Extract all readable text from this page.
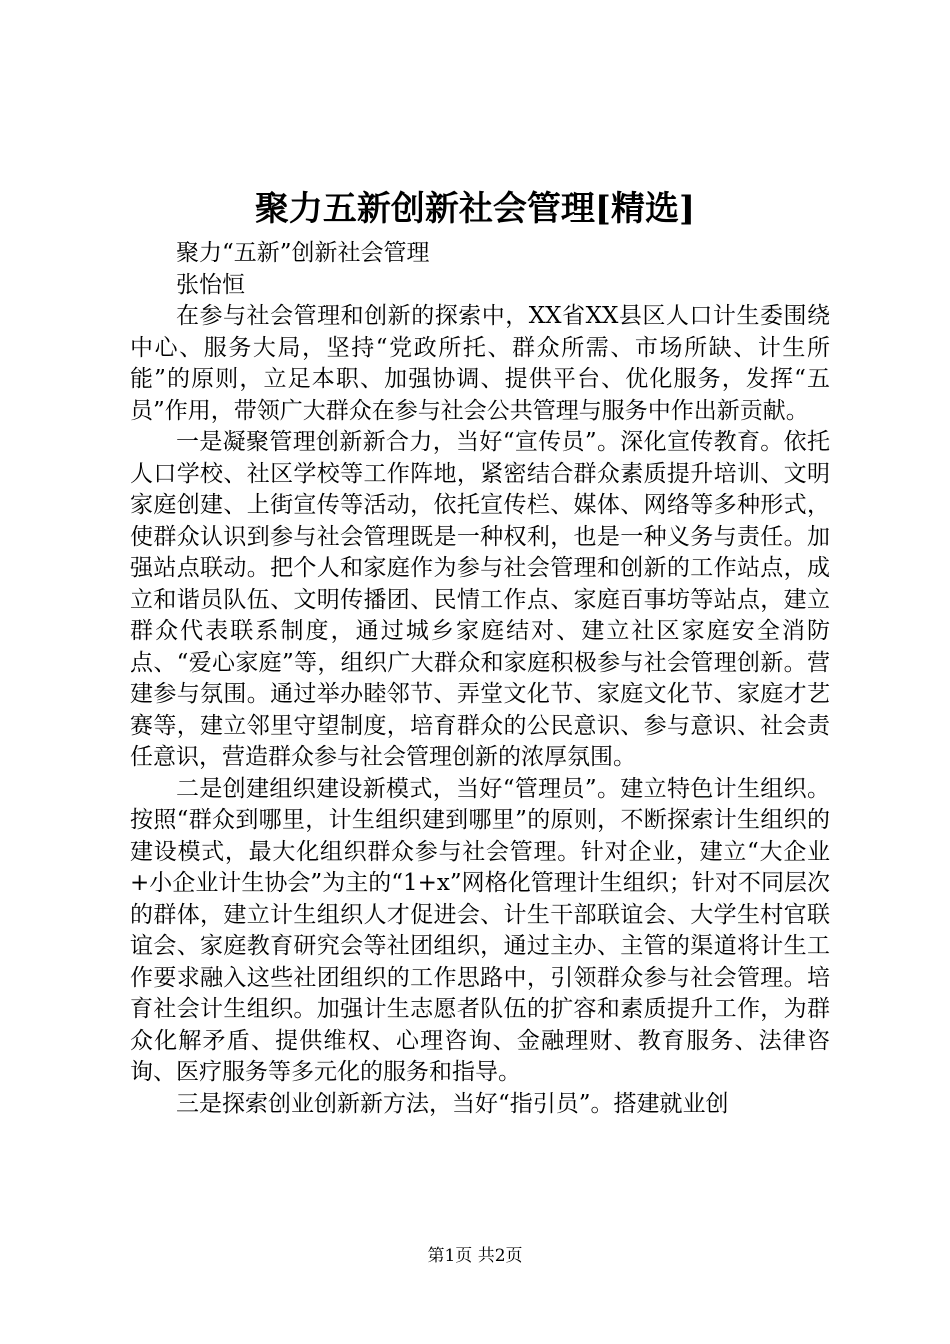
聚力五新创新社会管理[精选]

聚力“五新”创新社会管理

张怡恒

在参与社会管理和创新的探索中，XX省XX县区人口计生委围绕中心、服务大局，坚持“党政所托、群众所需、市场所缺、计生所能”的原则，立足本职、加强协调、提供平台、优化服务，发挥“五员”作用，带领广大群众在参与社会公共管理与服务中作出新贡献。

一是凝聚管理创新新合力，当好“宣传员”。深化宣传教育。依托人口学校、社区学校等工作阵地，紧密结合群众素质提升培训、文明家庭创建、上街宣传等活动，依托宣传栏、媒体、网络等多种形式，使群众认识到参与社会管理既是一种权利，也是一种义务与责任。加强站点联动。把个人和家庭作为参与社会管理和创新的工作站点，成立和谐员队伍、文明传播团、民情工作点、家庭百事坊等站点，建立群众代表联系制度，通过城乡家庭结对、建立社区家庭安全消防点、“爱心家庭”等，组织广大群众和家庭积极参与社会管理创新。营建参与氛围。通过举办睦邻节、弄堂文化节、家庭文化节、家庭才艺赛等，建立邻里守望制度，培育群众的公民意识、参与意识、社会责任意识，营造群众参与社会管理创新的浓厚氛围。

二是创建组织建设新模式，当好“管理员”。建立特色计生组织。按照“群众到哪里，计生组织建到哪里”的原则，不断探索计生组织的建设模式，最大化组织群众参与社会管理。针对企业，建立“大企业+小企业计生协会”为主的“1+x”网格化管理计生组织；针对不同层次的群体，建立计生组织人才促进会、计生干部联谊会、大学生村官联谊会、家庭教育研究会等社团组织，通过主办、主管的渠道将计生工作要求融入这些社团组织的工作思路中，引领群众参与社会管理。培育社会计生组织。加强计生志愿者队伍的扩容和素质提升工作，为群众化解矛盾、提供维权、心理咨询、金融理财、教育服务、法律咨询、医疗服务等多元化的服务和指导。

三是探索创业创新新方法，当好“指引员”。搭建就业创

第1页 共2页
